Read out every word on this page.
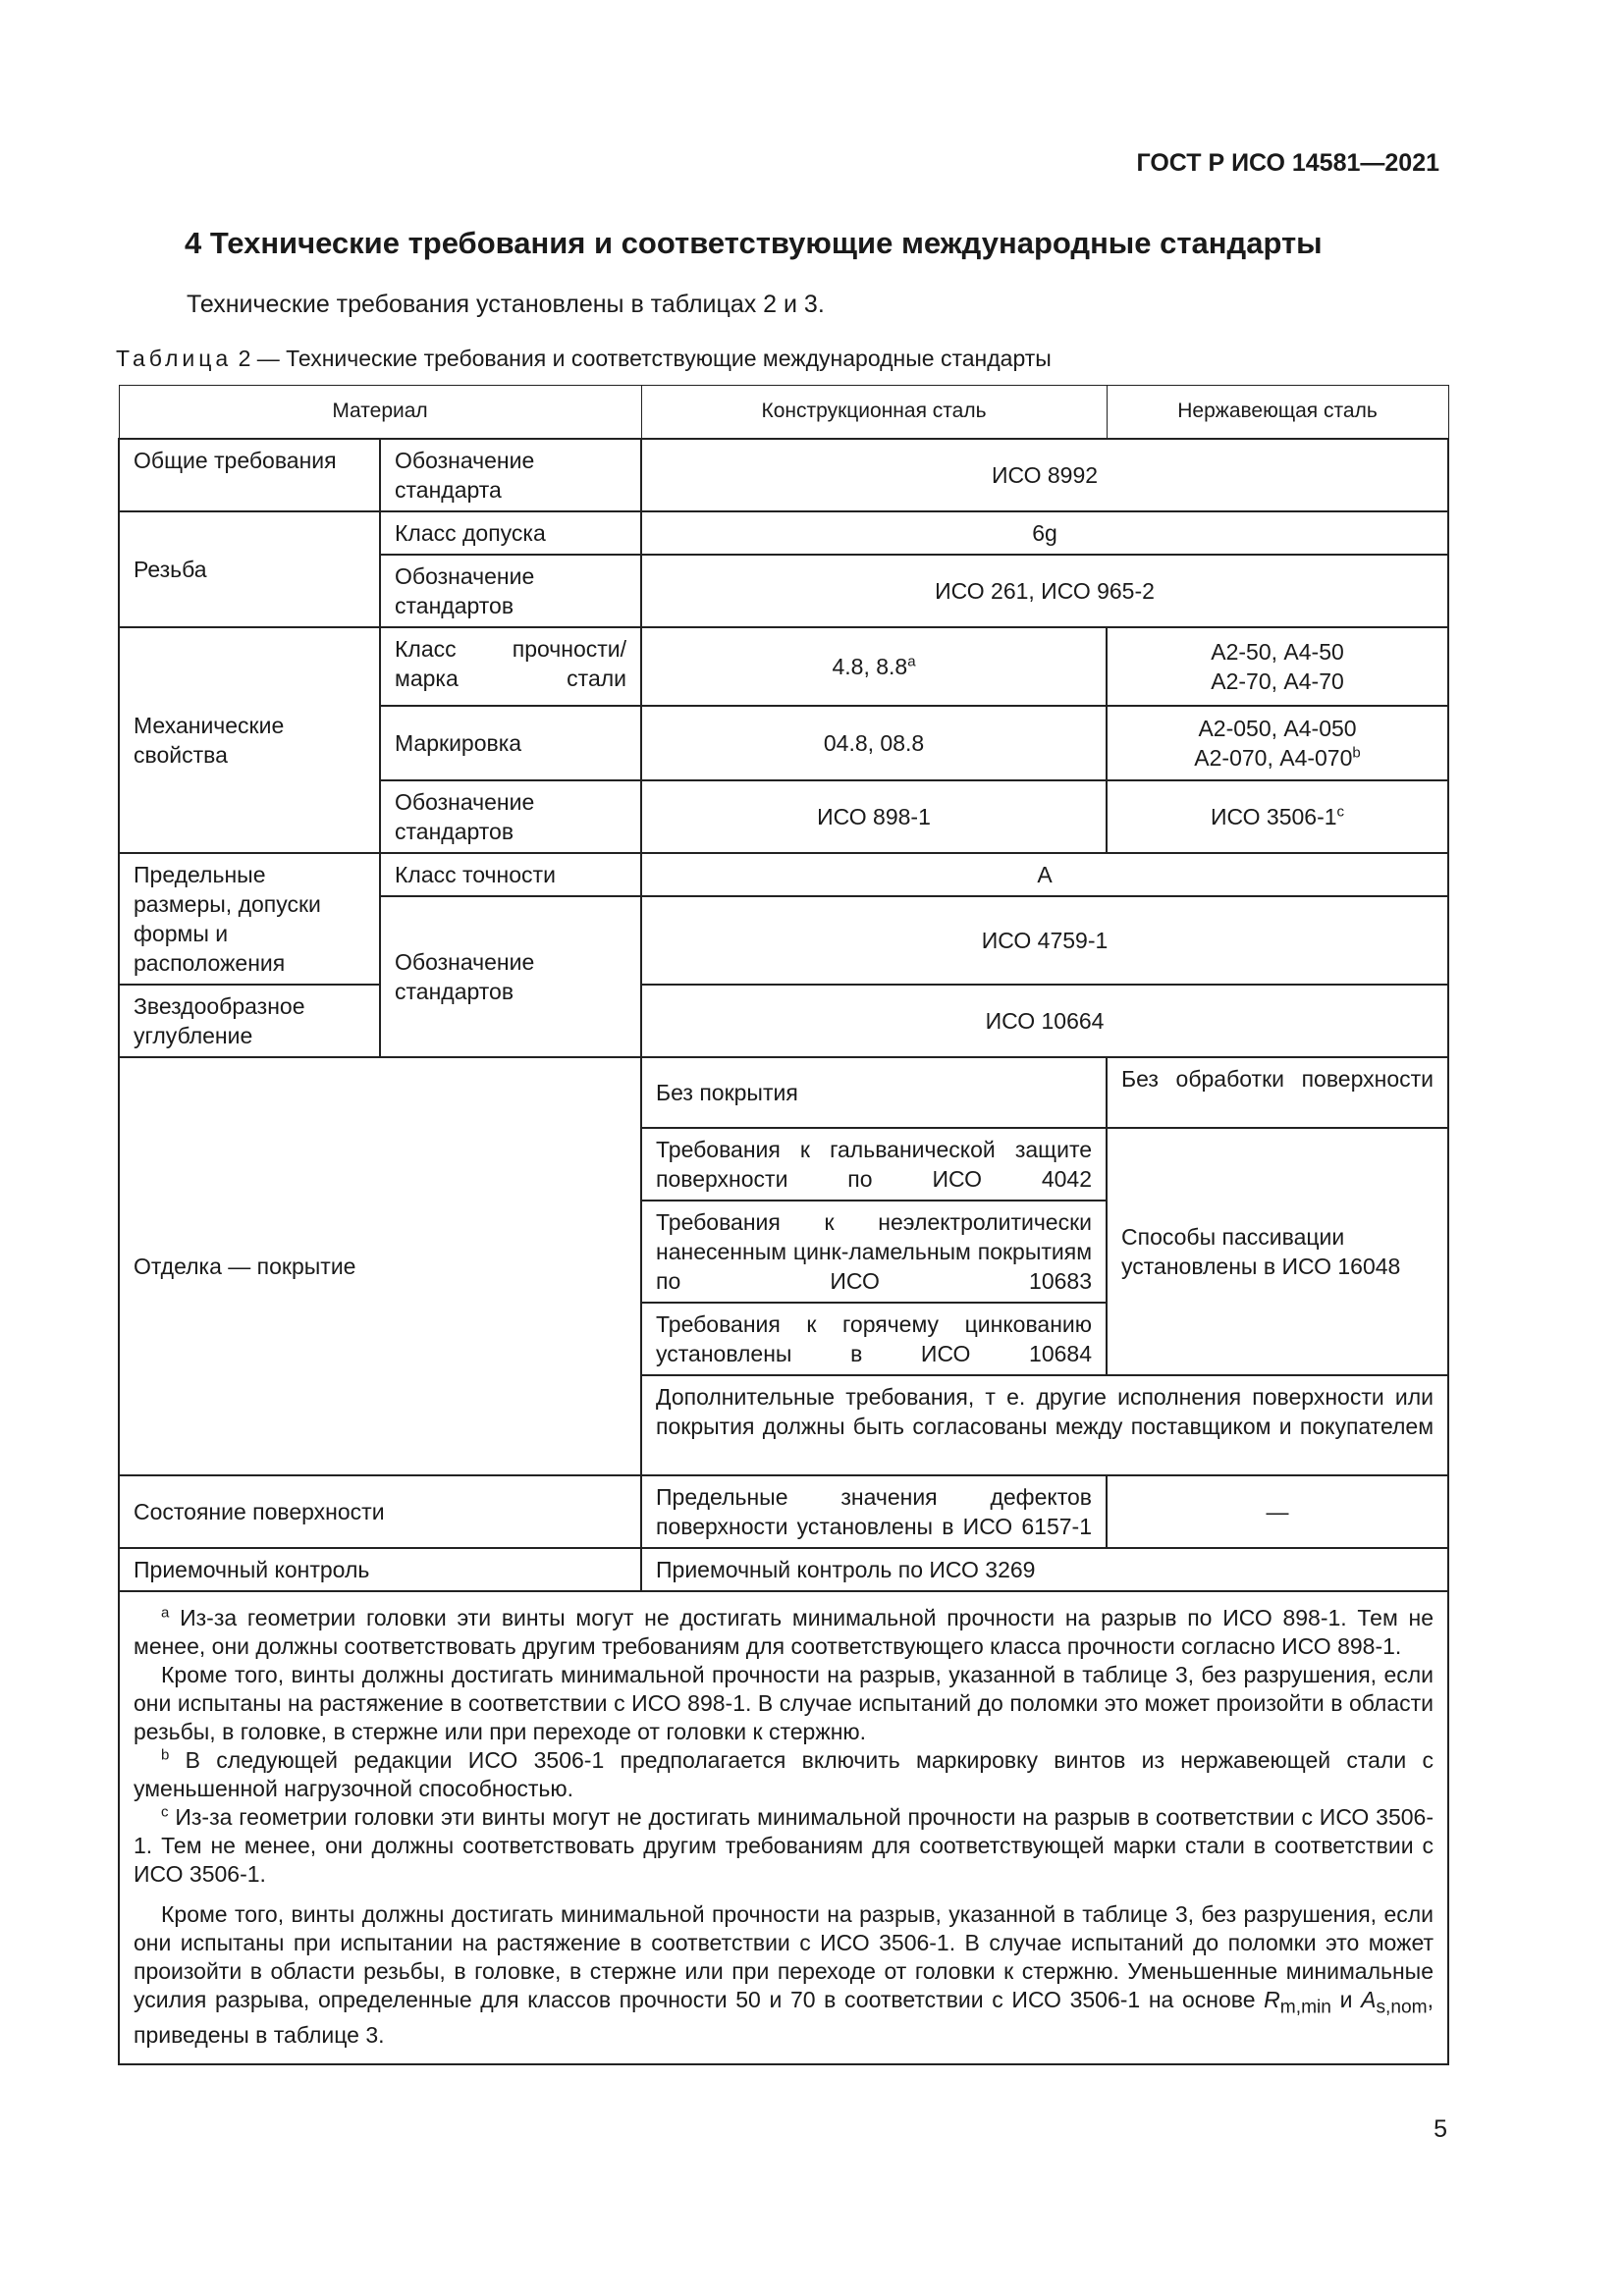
ГОСТ Р ИСО 14581—2021
4 Технические требования и соответствующие международные стандарты
Технические требования установлены в таблицах 2 и 3.
Таблица 2 — Технические требования и соответствующие международные стандарты
Материал		Конструкционная сталь	Нержавеющая сталь
Общие требования	Обозначение стандарта	ИСО 8992	
Резьба	Класс допуска	6g	
	Обозначение стандартов	ИСО 261, ИСО 965-2	
Механические свойства	Класс прочности/ марка стали	4.8, 8.8$^a$	А2-50, А4-50
А2-70, А4-70

	Маркировка	04.8, 08.8	А2-050, А4-050
А2-070, А4-070$^b$

	Обозначение стандартов	ИСО 898-1	ИСО 3506-1$^c$
Предельные размеры, допуски формы и расположения	Класс точности	А	
	Обозначение стандартов	ИСО 4759-1	
Звездообразное углубление		ИСО 10664	
Отделка — покрытие		Без покрытия	Без обработки поверхности
		Требования к гальванической защите поверхности по ИСО 4042	Способы пассивации установлены в ИСО 16048
		Требования к неэлектролитически нанесенным цинк-ламельным покрытиям по ИСО 10683	
		Требования к горячему цинкованию установлены в ИСО 10684	
		Дополнительные требования, т е. другие исполнения поверхности или покрытия должны быть согласованы между поставщиком и покупателем	
Состояние поверхности		Предельные значения дефектов поверхности установлены в ИСО 6157-1	—
Приемочный контроль		Приемочный контроль по ИСО 3269	

$^a$ Из-за геометрии головки эти винты могут не достигать минимальной прочности на разрыв по ИСО 898-1. Тем не менее, они должны соответствовать другим требованиям для соответствующего класса прочности согласно ИСО 898-1.

Кроме того, винты должны достигать минимальной прочности на разрыв, указанной в таблице 3, без разрушения, если они испытаны на растяжение в соответствии с ИСО 898-1. В случае испытаний до поломки это может произойти в области резьбы, в головке, в стержне или при переходе от головки к стержню.

$^b$ В следующей редакции ИСО 3506-1 предполагается включить маркировку винтов из нержавеющей стали с уменьшенной нагрузочной способностью.

$^c$ Из-за геометрии головки эти винты могут не достигать минимальной прочности на разрыв в соответствии с ИСО 3506-1. Тем не менее, они должны соответствовать другим требованиям для соответствующей марки стали в соответствии с ИСО 3506-1.

Кроме того, винты должны достигать минимальной прочности на разрыв, указанной в таблице 3, без разрушения, если они испытаны при испытании на растяжение в соответствии с ИСО 3506-1. В случае испытаний до поломки это может произойти в области резьбы, в головке, в стержне или при переходе от головки к стержню. Уменьшенные минимальные усилия разрыва, определенные для классов прочности 50 и 70 в соответствии с ИСО 3506-1 на основе $R_{m,min}$ и $A_{s,nom}$, приведены в таблице 3.			

5
